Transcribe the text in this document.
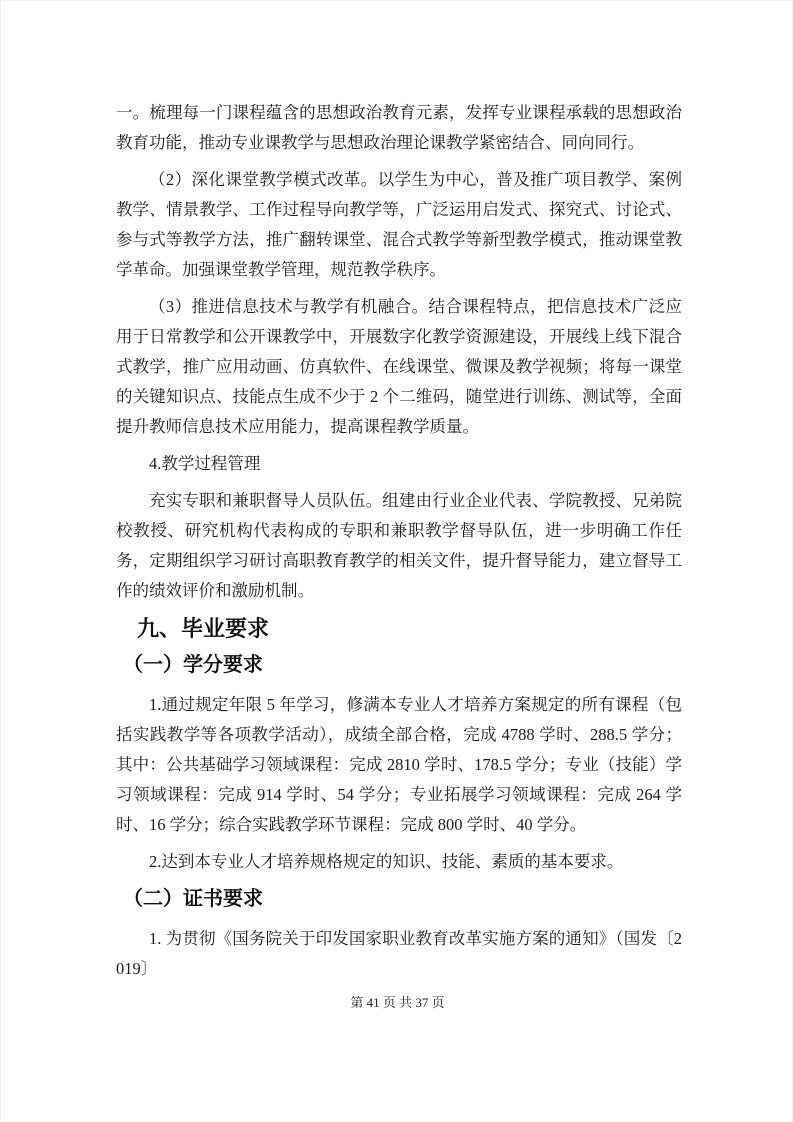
一。梳理每一门课程蕴含的思想政治教育元素，发挥专业课程承载的思想政治教育功能，推动专业课教学与思想政治理论课教学紧密结合、同向同行。

（2）深化课堂教学模式改革。以学生为中心，普及推广项目教学、案例教学、情景教学、工作过程导向教学等，广泛运用启发式、探究式、讨论式、参与式等教学方法，推广翻转课堂、混合式教学等新型教学模式，推动课堂教学革命。加强课堂教学管理，规范教学秩序。

（3）推进信息技术与教学有机融合。结合课程特点，把信息技术广泛应用于日常教学和公开课教学中，开展数字化教学资源建设，开展线上线下混合式教学，推广应用动画、仿真软件、在线课堂、微课及教学视频；将每一课堂的关键知识点、技能点生成不少于 2 个二维码，随堂进行训练、测试等，全面提升教师信息技术应用能力，提高课程教学质量。

4.教学过程管理

充实专职和兼职督导人员队伍。组建由行业企业代表、学院教授、兄弟院校教授、研究机构代表构成的专职和兼职教学督导队伍，进一步明确工作任务，定期组织学习研讨高职教育教学的相关文件，提升督导能力，建立督导工作的绩效评价和激励机制。

九、毕业要求
（一）学分要求

1.通过规定年限 5 年学习，修满本专业人才培养方案规定的所有课程（包括实践教学等各项教学活动），成绩全部合格，完成 4788 学时、288.5 学分；其中：公共基础学习领域课程：完成 2810 学时、178.5 学分；专业（技能）学习领域课程：完成 914 学时、54 学分；专业拓展学习领域课程：完成 264 学时、16 学分；综合实践教学环节课程：完成 800 学时、40 学分。

2.达到本专业人才培养规格规定的知识、技能、素质的基本要求。

（二）证书要求

1. 为贯彻《国务院关于印发国家职业教育改革实施方案的通知》（国发〔2019〕

第 41 页 共 37 页
